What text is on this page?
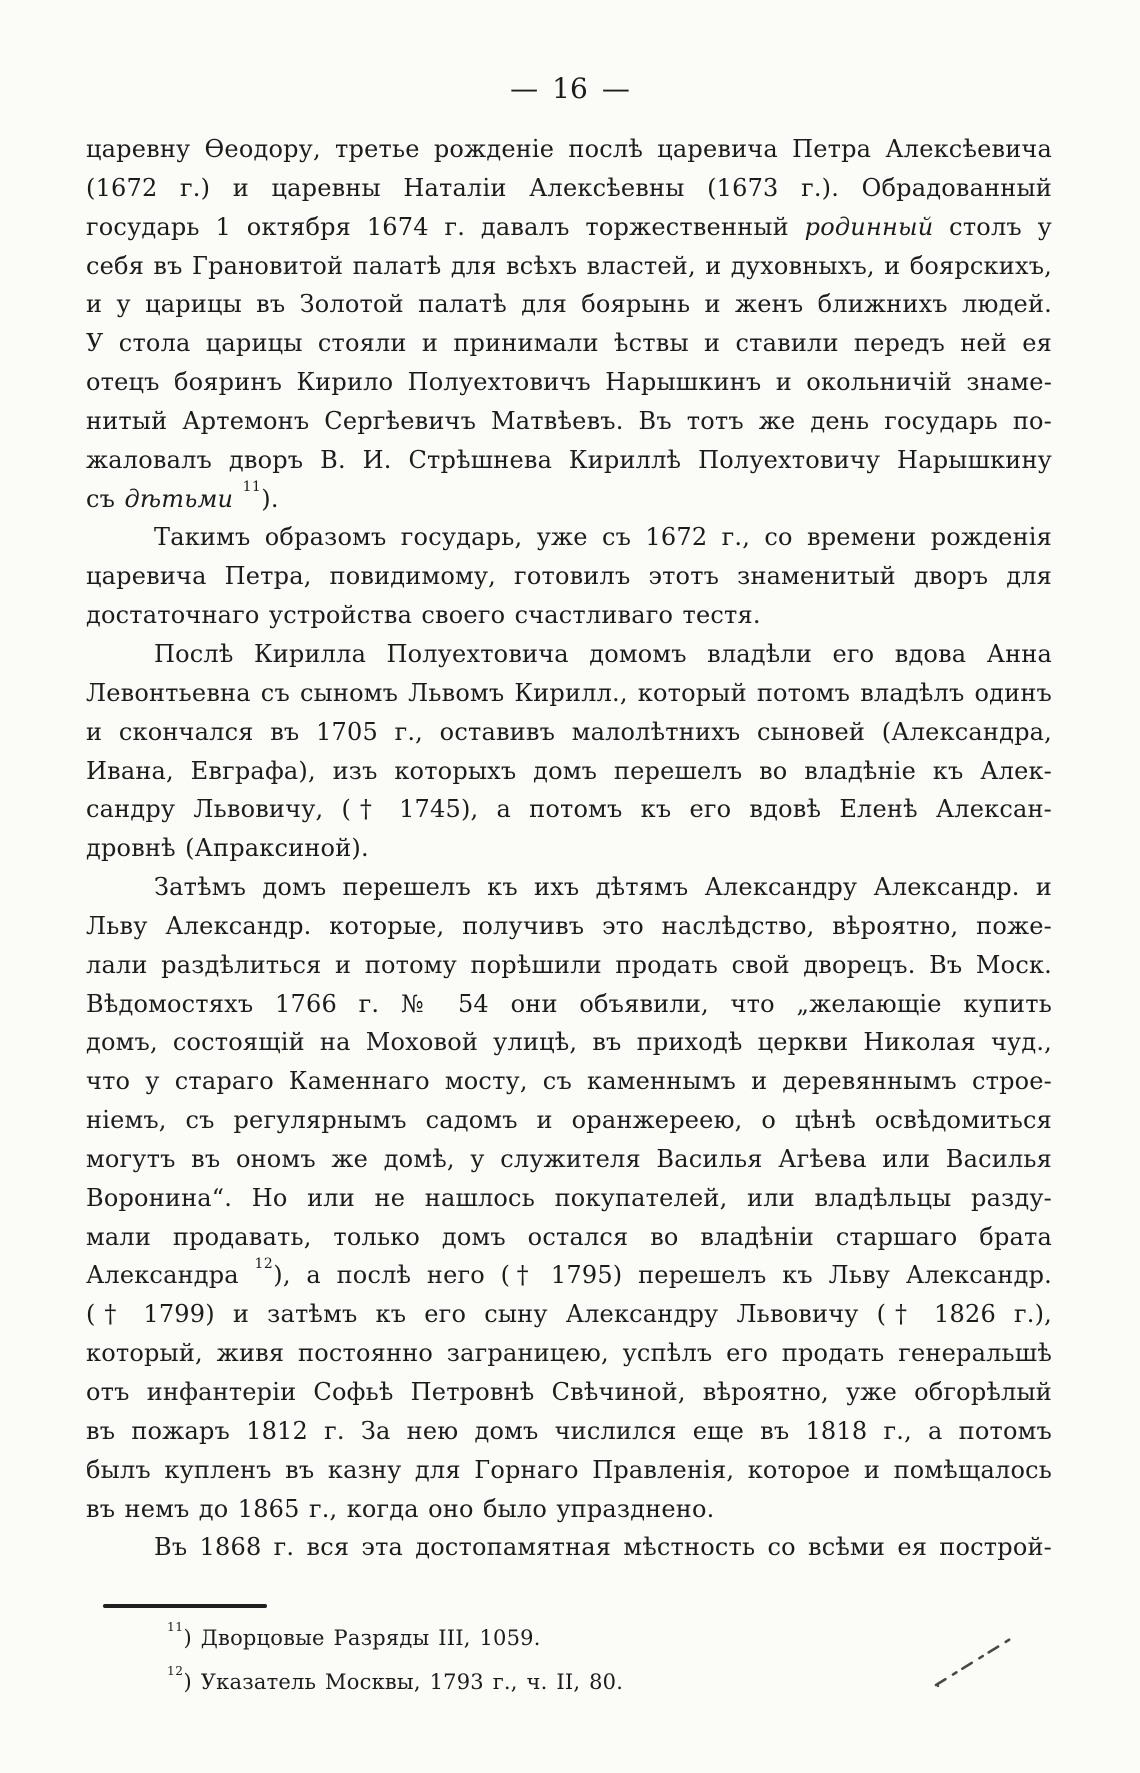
— 16 —
царевну Ѳеодору, третье рожденіе послѣ царевича Петра Алексѣевича
(1672 г.) и царевны Наталіи Алексѣевны (1673 г.). Обрадованный
государь 1 октября 1674 г. давалъ торжественный родинный столъ у
себя въ Грановитой палатѣ для всѣхъ властей, и духовныхъ, и боярскихъ,
и у царицы въ Золотой палатѣ для боярынь и женъ ближнихъ людей.
У стола царицы стояли и принимали ѣствы и ставили передъ ней ея
отецъ бояринъ Кирило Полуехтовичъ Нарышкинъ и окольничій знаме-
нитый Артемонъ Сергѣевичъ Матвѣевъ. Въ тотъ же день государь по-
жаловалъ дворъ В. И. Стрѣшнева Кириллѣ Полуехтовичу Нарышкину
съ дѣтьми $^{11}$).
Такимъ образомъ государь, уже съ 1672 г., со времени рожденія
царевича Петра, повидимому, готовилъ этотъ знаменитый дворъ для
достаточнаго устройства своего счастливаго тестя.
Послѣ Кирилла Полуехтовича домомъ владѣли его вдова Анна
Левонтьевна съ сыномъ Львомъ Кирилл., который потомъ владѣлъ одинъ
и скончался въ 1705 г., оставивъ малолѣтнихъ сыновей (Александра,
Ивана, Евграфа), изъ которыхъ домъ перешелъ во владѣніе къ Алек-
сандру Львовичу, († 1745), а потомъ къ его вдовѣ Еленѣ Алексан-
дровнѣ (Апраксиной).
Затѣмъ домъ перешелъ къ ихъ дѣтямъ Александру Александр. и
Льву Александр. которые, получивъ это наслѣдство, вѣроятно, поже-
лали раздѣлиться и потому порѣшили продать свой дворецъ. Въ Моск.
Вѣдомостяхъ 1766 г. № 54 они объявили, что „желающіе купить
домъ, состоящій на Моховой улицѣ, въ приходѣ церкви Николая чуд.,
что у стараго Каменнаго мосту, съ каменнымъ и деревяннымъ строе-
ніемъ, съ регулярнымъ садомъ и оранжереею, о цѣнѣ освѣдомиться
могутъ въ ономъ же домѣ, у служителя Василья Агѣева или Василья
Воронина“. Но или не нашлось покупателей, или владѣльцы разду-
мали продавать, только домъ остался во владѣніи старшаго брата
Александра $^{12}$), а послѣ него († 1795) перешелъ къ Льву Александр.
(† 1799) и затѣмъ къ его сыну Александру Львовичу († 1826 г.),
который, живя постоянно заграницею, успѣлъ его продать генеральшѣ
отъ инфантеріи Софьѣ Петровнѣ Свѣчиной, вѣроятно, уже обгорѣлый
въ пожаръ 1812 г. За нею домъ числился еще въ 1818 г., а потомъ
былъ купленъ въ казну для Горнаго Правленія, которое и помѣщалось
въ немъ до 1865 г., когда оно было упразднено.
Въ 1868 г. вся эта достопамятная мѣстность со всѣми ея построй-
$^{11}$) Дворцовые Разряды III, 1059.
$^{12}$) Указатель Москвы, 1793 г., ч. II, 80.
